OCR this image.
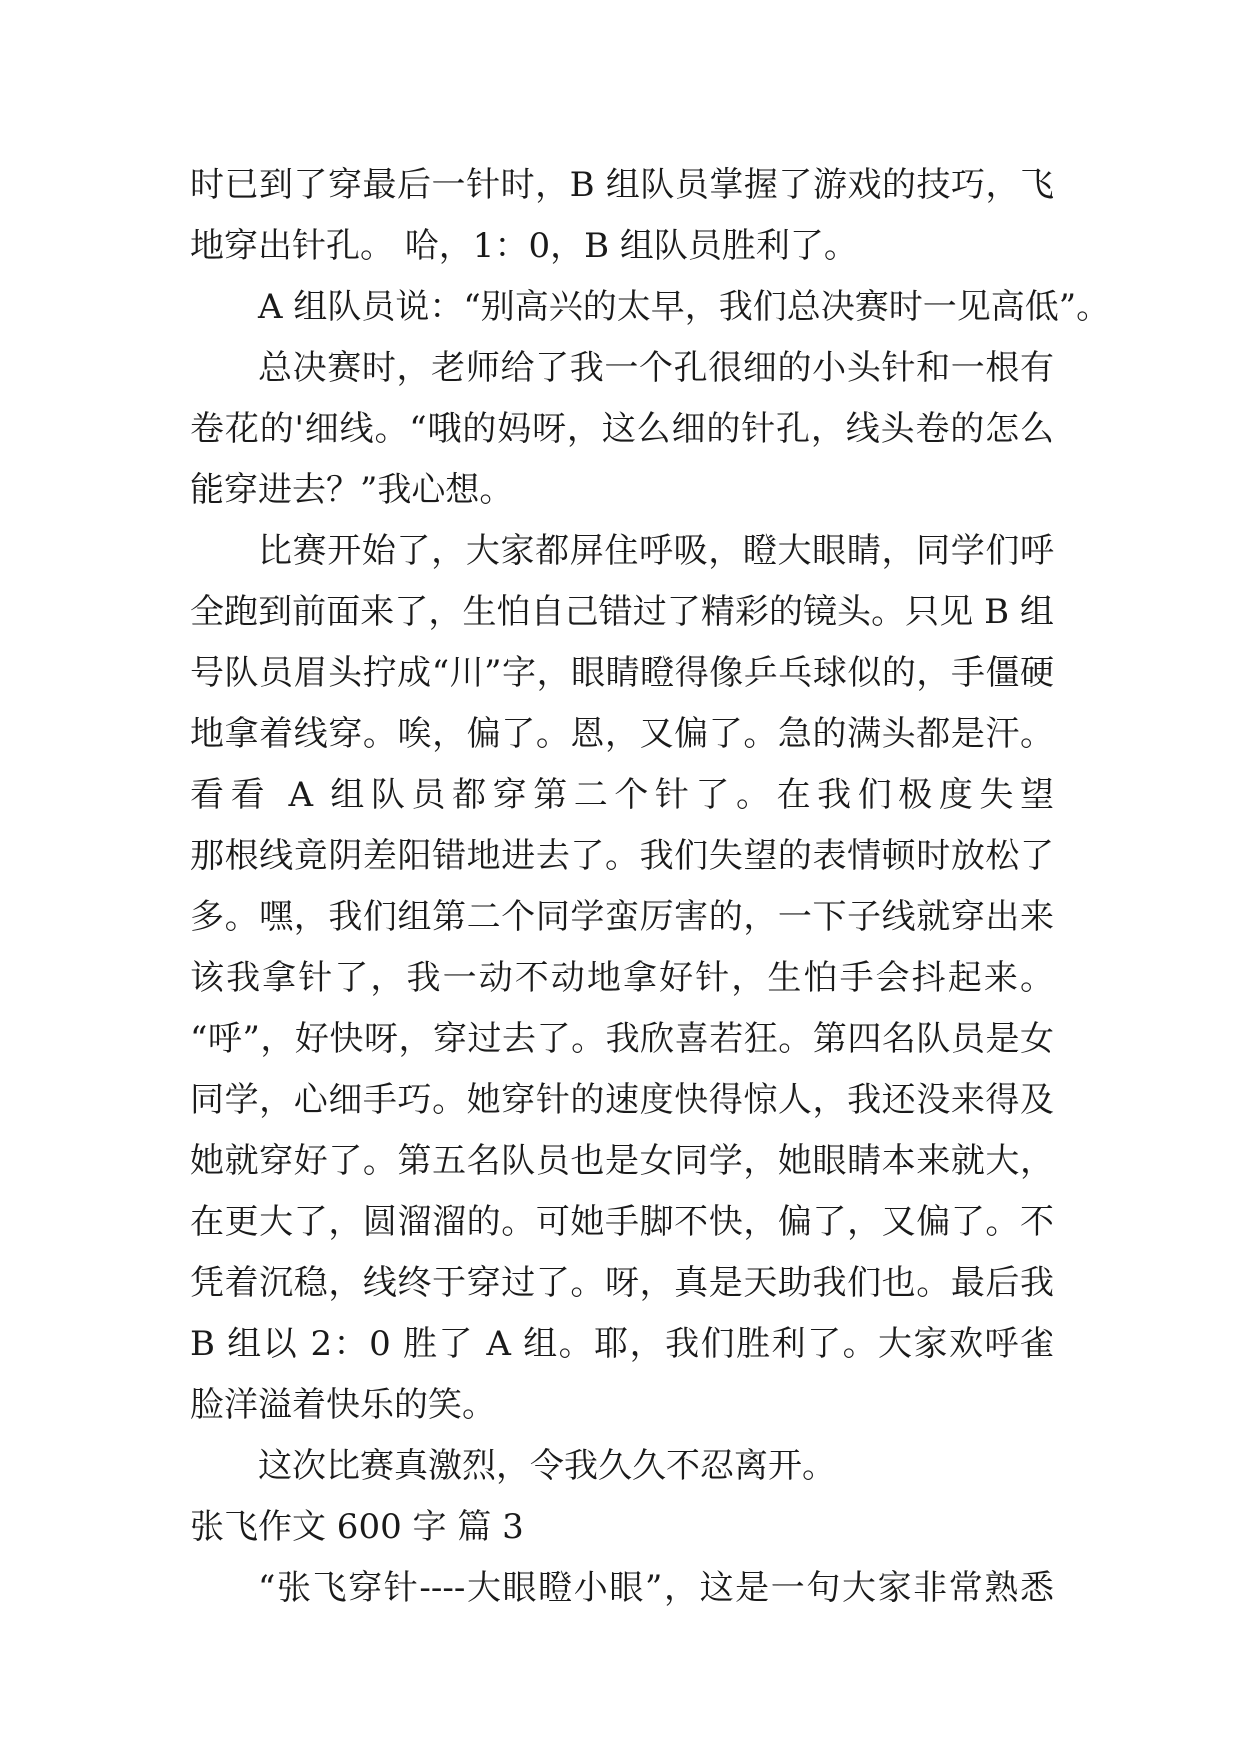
时已到了穿最后一针时，B 组队员掌握了游戏的技巧，飞
地穿出针孔。 哈，1：0，B 组队员胜利了。
A 组队员说：“别高兴的太早，我们总决赛时一见高低”。
总决赛时，老师给了我一个孔很细的小头针和一根有
卷花的'细线。“哦的妈呀，这么细的针孔，线头卷的怎么
能穿进去？”我心想。
比赛开始了，大家都屏住呼吸，瞪大眼睛，同学们呼
全跑到前面来了，生怕自己错过了精彩的镜头。只见 B 组
号队员眉头拧成“川”字，眼睛瞪得像乒乓球似的，手僵硬
地拿着线穿。唉，偏了。恩，又偏了。急的满头都是汗。
看看 A 组队员都穿第二个针了。在我们极度失望
那根线竟阴差阳错地进去了。我们失望的表情顿时放松了
多。嘿，我们组第二个同学蛮厉害的，一下子线就穿出来
该我拿针了，我一动不动地拿好针，生怕手会抖起来。
“呼”，好快呀，穿过去了。我欣喜若狂。第四名队员是女
同学，心细手巧。她穿针的速度快得惊人，我还没来得及
她就穿好了。第五名队员也是女同学，她眼睛本来就大，
在更大了，圆溜溜的。可她手脚不快，偏了，又偏了。不
凭着沉稳，线终于穿过了。呀，真是天助我们也。最后我
B 组以 2：0 胜了 A 组。耶，我们胜利了。大家欢呼雀
脸洋溢着快乐的笑。
这次比赛真激烈，令我久久不忍离开。
张飞作文 600 字 篇 3
“张飞穿针----大眼瞪小眼”，这是一句大家非常熟悉
